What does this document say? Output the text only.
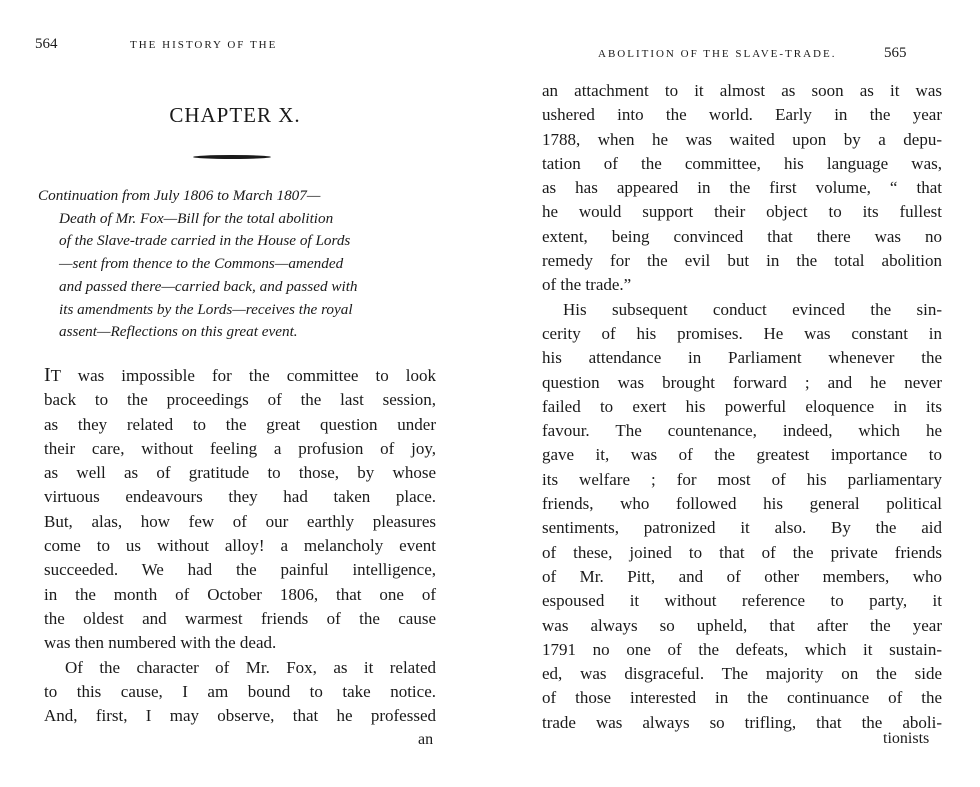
564	THE HISTORY OF THE
CHAPTER X.
Continuation from July 1806 to March 1807—
Death of Mr. Fox—Bill for the total abolition
of the Slave-trade carried in the House of Lords
—sent from thence to the Commons—amended
and passed there—carried back, and passed with
its amendments by the Lords—receives the royal
assent—Reflections on this great event.
IT was impossible for the committee to look
back to the proceedings of the last session,
as they related to the great question under
their care, without feeling a profusion of joy,
as well as of gratitude to those, by whose
virtuous endeavours they had taken place.
But, alas, how few of our earthly pleasures
come to us without alloy! a melancholy event
succeeded. We had the painful intelligence,
in the month of October 1806, that one of
the oldest and warmest friends of the cause
was then numbered with the dead.
Of the character of Mr. Fox, as it related
to this cause, I am bound to take notice.
And, first, I may observe, that he professed
an
ABOLITION OF THE SLAVE-TRADE.	565
an attachment to it almost as soon as it was
ushered into the world. Early in the year
1788, when he was waited upon by a depu-
tation of the committee, his language was,
as has appeared in the first volume, “ that
he would support their object to its fullest
extent, being convinced that there was no
remedy for the evil but in the total abolition
of the trade.”
His subsequent conduct evinced the sin-
cerity of his promises. He was constant in
his attendance in Parliament whenever the
question was brought forward ; and he never
failed to exert his powerful eloquence in its
favour. The countenance, indeed, which he
gave it, was of the greatest importance to
its welfare ; for most of his parliamentary
friends, who followed his general political
sentiments, patronized it also. By the aid
of these, joined to that of the private friends
of Mr. Pitt, and of other members, who
espoused it without reference to party, it
was always so upheld, that after the year
1791 no one of the defeats, which it sustain-
ed, was disgraceful. The majority on the side
of those interested in the continuance of the
trade was always so trifling, that the aboli-
tionists
